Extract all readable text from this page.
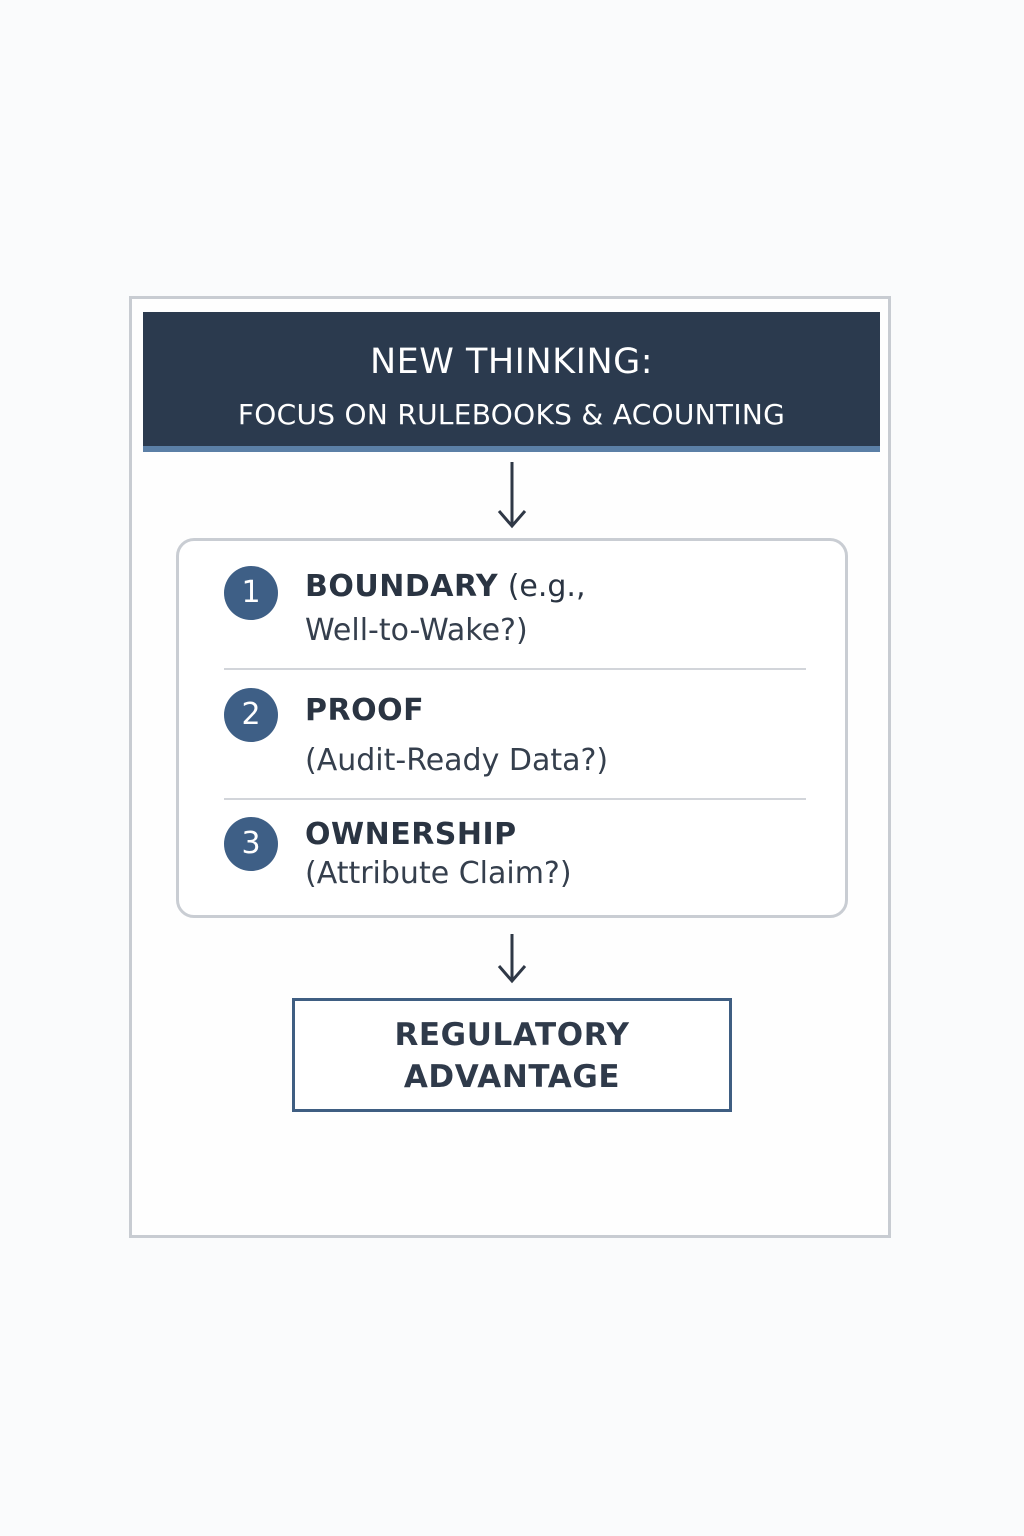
NEW THINKING:
FOCUS ON RULEBOOKS & ACOUNTING
1	BOUNDARY (e.g.,
Well-to-Wake?)
2	PROOF
(Audit-Ready Data?)
3	OWNERSHIP
(Attribute Claim?)
REGULATORY
ADVANTAGE
